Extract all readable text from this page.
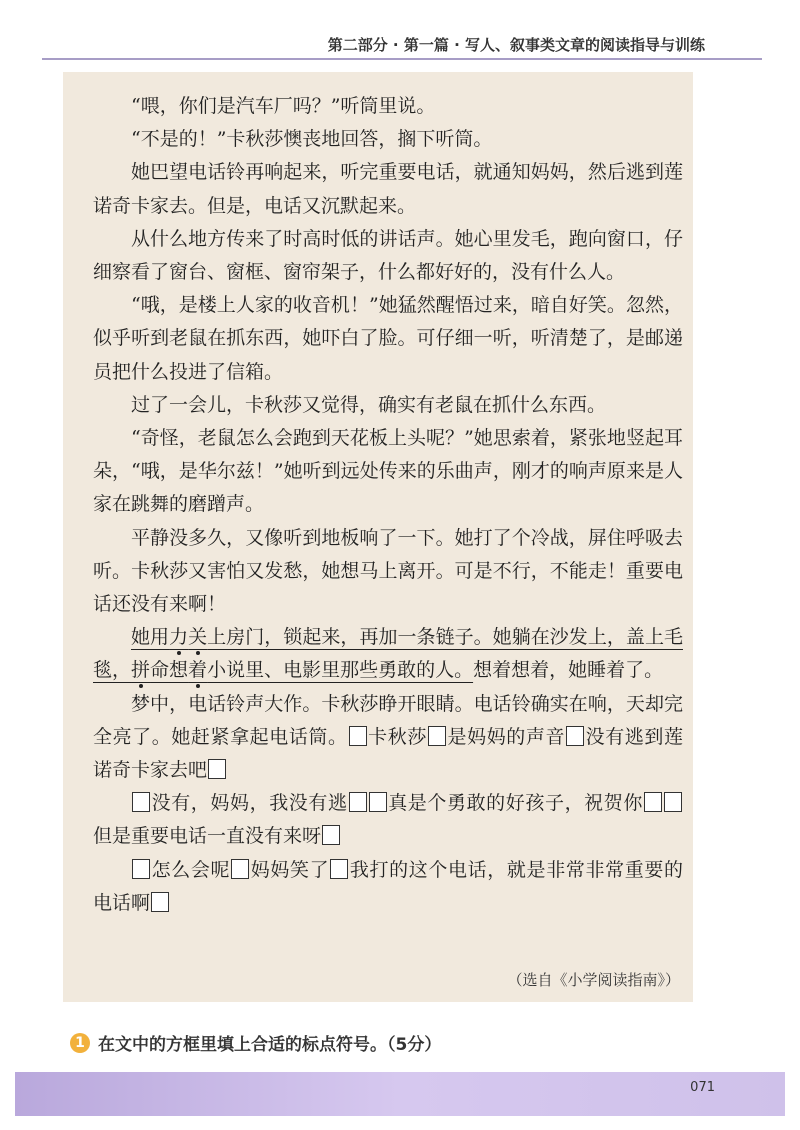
第二部分 · 第一篇 · 写人、叙事类文章的阅读指导与训练

“喂，你们是汽车厂吗？”听筒里说。

“不是的！”卡秋莎懊丧地回答，搁下听筒。

她巴望电话铃再响起来，听完重要电话，就通知妈妈，然后逃到莲诺奇卡家去。但是，电话又沉默起来。

从什么地方传来了时高时低的讲话声。她心里发毛，跑向窗口，仔细察看了窗台、窗框、窗帘架子，什么都好好的，没有什么人。

“哦，是楼上人家的收音机！”她猛然醒悟过来，暗自好笑。忽然，似乎听到老鼠在抓东西，她吓白了脸。可仔细一听，听清楚了，是邮递员把什么投进了信箱。

过了一会儿，卡秋莎又觉得，确实有老鼠在抓什么东西。

“奇怪，老鼠怎么会跑到天花板上头呢？”她思索着，紧张地竖起耳朵，“哦，是华尔兹！”她听到远处传来的乐曲声，刚才的响声原来是人家在跳舞的磨蹭声。

平静没多久，又像听到地板响了一下。她打了个冷战，屏住呼吸去听。卡秋莎又害怕又发愁，她想马上离开。可是不行，不能走！重要电话还没有来啊！

她用力关上房门，锁起来，再加一条链子。她躺在沙发上，盖上毛毯，拼命想着小说里、电影里那些勇敢的人。想着想着，她睡着了。

梦中，电话铃声大作。卡秋莎睁开眼睛。电话铃确实在响，天却完全亮了。她赶紧拿起电话筒。 卡秋莎 是妈妈的声音 没有逃到莲诺奇卡家去吧

没有，妈妈，我没有逃 真是个勇敢的好孩子，祝贺你但是重要电话一直没有来呀

怎么会呢 妈妈笑了 我打的这个电话，就是非常非常重要的电话啊

（选自《小学阅读指南》）
1 在文中的方框里填上合适的标点符号。（5分）
071
